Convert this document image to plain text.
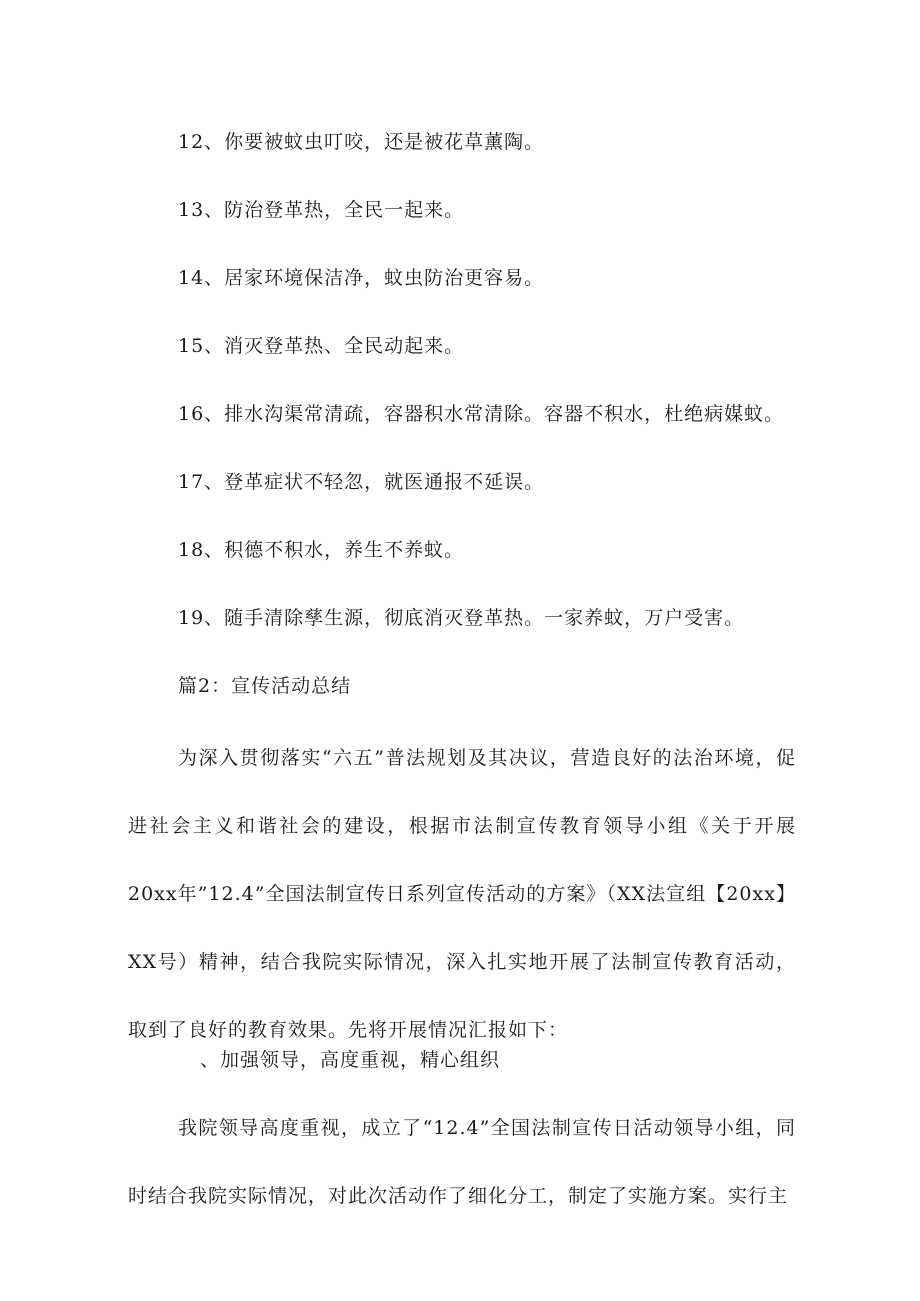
12、你要被蚊虫叮咬，还是被花草薰陶。
13、防治登革热，全民一起来。
14、居家环境保洁净，蚊虫防治更容易。
15、消灭登革热、全民动起来。
16、排水沟渠常清疏，容器积水常清除。容器不积水，杜绝病媒蚊。
17、登革症状不轻忽，就医通报不延误。
18、积德不积水，养生不养蚊。
19、随手清除孳生源，彻底消灭登革热。一家养蚊，万户受害。
篇2：宣传活动总结
为深入贯彻落实“六五”普法规划及其决议，营造良好的法治环境，促进社会主义和谐社会的建设，根据市法制宣传教育领导小组《关于开展20xx年”12.4”全国法制宣传日系列宣传活动的方案》（XX法宣组【20xx】XX号）精神，结合我院实际情况，深入扎实地开展了法制宣传教育活动，取到了良好的教育效果。先将开展情况汇报如下：
、加强领导，高度重视，精心组织
我院领导高度重视，成立了“12.4”全国法制宣传日活动领导小组，同时结合我院实际情况，对此次活动作了细化分工，制定了实施方案。实行主
